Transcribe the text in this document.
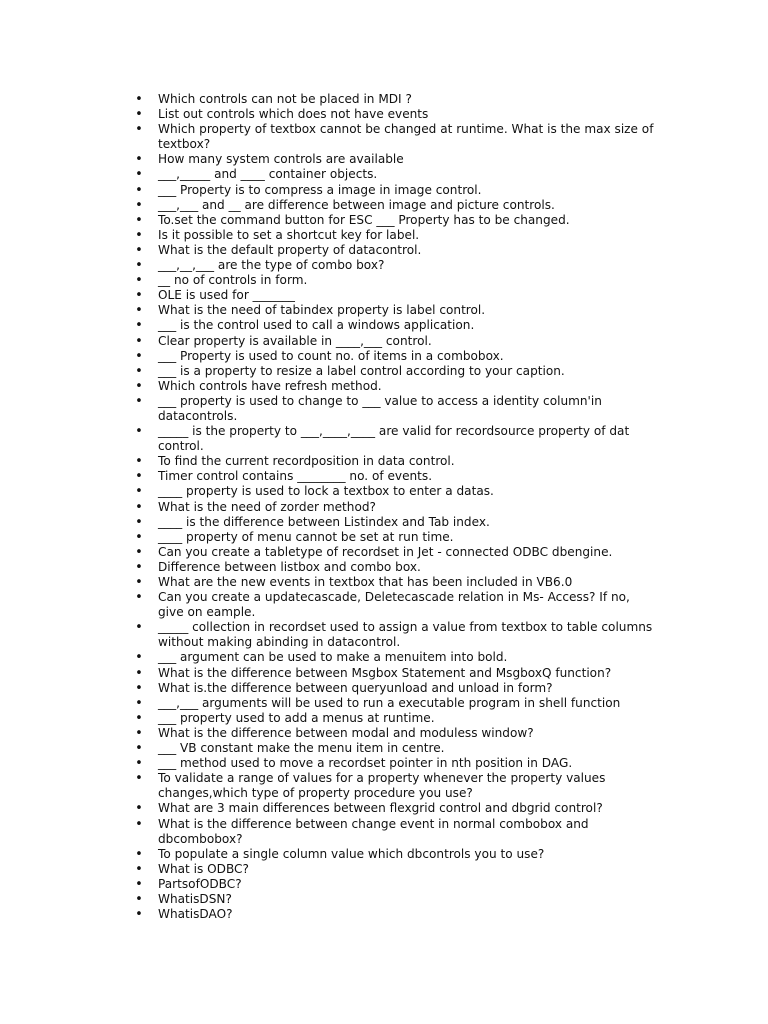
• Which controls can not be placed in MDI ?
• List out controls which does not have events
• Which property of textbox cannot be changed at runtime. What is the max size of textbox?
• How many system controls are available
• ___,_____ and ____ container objects.
• ___ Property is to compress a image in image control.
• ___,___ and __ are difference between image and picture controls.
• To.set the command button for ESC ___ Property has to be changed.
• Is it possible to set a shortcut key for label.
• What is the default property of datacontrol.
• ___,__,___ are the type of combo box?
• __ no of controls in form.
• OLE is used for _______
• What is the need of tabindex property is label control.
• ___ is the control used to call a windows application.
• Clear property is available in ____,___ control.
• ___ Property is used to count no. of items in a combobox.
• ___ is a property to resize a label control according to your caption.
• Which controls have refresh method.
• ___ property is used to change to ___ value to access a identity column'in datacontrols.
• _____ is the property to ___,____,____ are valid for recordsource property of dat control.
• To find the current recordposition in data control.
• Timer control contains ________ no. of events.
• ____ property is used to lock a textbox to enter a datas.
• What is the need of zorder method?
• ____ is the difference between Listindex and Tab index.
• ____ property of menu cannot be set at run time.
• Can you create a tabletype of recordset in Jet - connected ODBC dbengine.
• Difference between listbox and combo box.
• What are the new events in textbox that has been included in VB6.0
• Can you create a updatecascade, Deletecascade relation in Ms- Access? If no, give on eample.
• _____ collection in recordset used to assign a value from textbox to table columns without making abinding in datacontrol.
• ___ argument can be used to make a menuitem into bold.
• What is the difference between Msgbox Statement and MsgboxQ function?
• What is.the difference between queryunload and unload in form?
• ___,___ arguments will be used to run a executable program in shell function
• ___ property used to add a menus at runtime.
• What is the difference between modal and moduless window?
• ___ VB constant make the menu item in centre.
• ___ method used to move a recordset pointer in nth position in DAG.
• To validate a range of values for a property whenever the property values changes,which type of property procedure you use?
• What are 3 main differences between flexgrid control and dbgrid control?
• What is the difference between change event in normal combobox and dbcombobox?
• To populate a single column value which dbcontrols you to use?
• What is ODBC?
• PartsofODBC?
• WhatisDSN?
• WhatisDAO?
